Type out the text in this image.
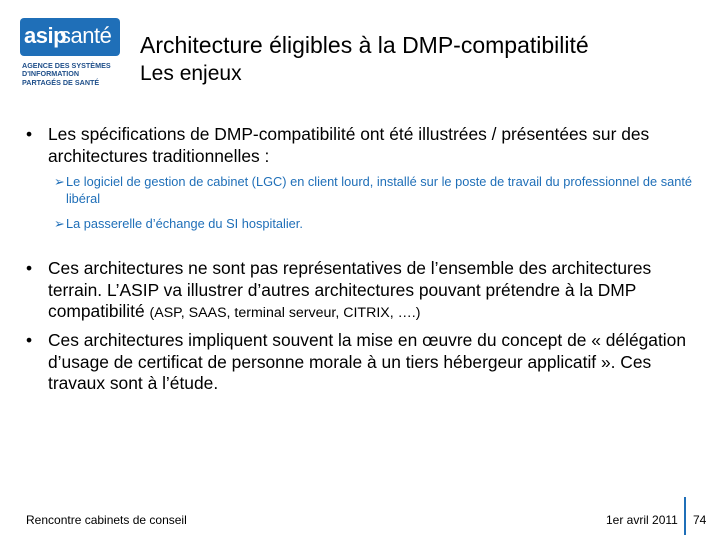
asip
santé
AGENCE DES SYSTÈMES
D'INFORMATION
PARTAGÉS DE SANTÉ
Architecture éligibles à la DMP-compatibilité
Les enjeux
• Les spécifications de DMP-compatibilité ont été illustrées / présentées sur des architectures traditionnelles :
➢ Le logiciel de gestion de cabinet (LGC) en client lourd, installé sur le poste de travail du professionnel de santé libéral
➢ La passerelle d’échange du SI hospitalier.
• Ces architectures ne sont pas représentatives de l’ensemble des architectures terrain. L’ASIP va illustrer d’autres architectures pouvant prétendre à la DMP compatibilité (ASP, SAAS, terminal serveur, CITRIX, ….)
• Ces architectures impliquent souvent la mise en œuvre du concept de « délégation d’usage de certificat de personne morale à un tiers hébergeur applicatif ». Ces travaux sont à l’étude.
Rencontre cabinets de conseil	1er avril 2011 74
